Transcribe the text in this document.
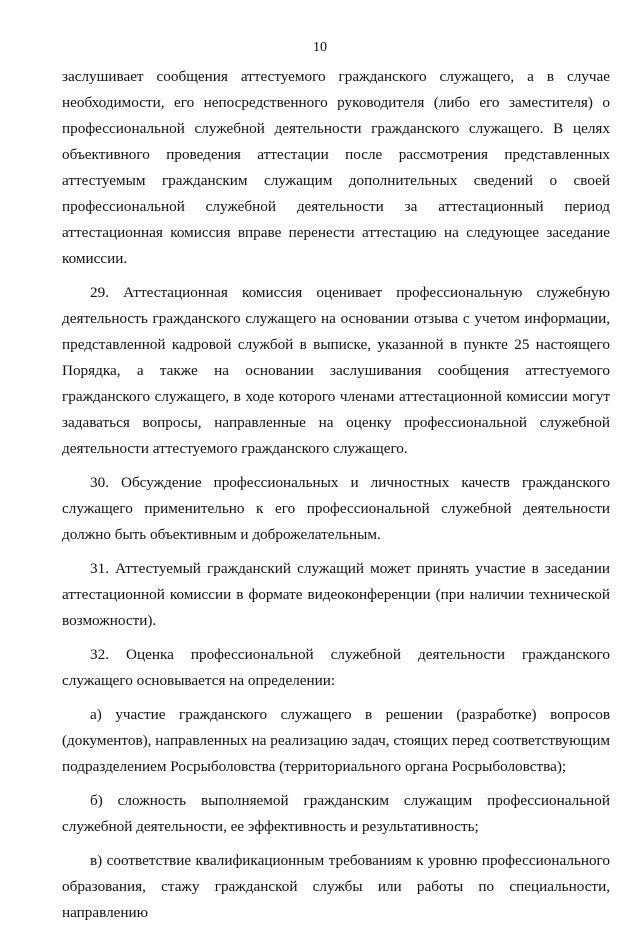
10

заслушивает сообщения аттестуемого гражданского служащего, а в случае необходимости, его непосредственного руководителя (либо его заместителя) о профессиональной служебной деятельности гражданского служащего. В целях объективного проведения аттестации после рассмотрения представленных аттестуемым гражданским служащим дополнительных сведений о своей профессиональной служебной деятельности за аттестационный период аттестационная комиссия вправе перенести аттестацию на следующее заседание комиссии.

29. Аттестационная комиссия оценивает профессиональную служебную деятельность гражданского служащего на основании отзыва с учетом информации, представленной кадровой службой в выписке, указанной в пункте 25 настоящего Порядка, а также на основании заслушивания сообщения аттестуемого гражданского служащего, в ходе которого членами аттестационной комиссии могут задаваться вопросы, направленные на оценку профессиональной служебной деятельности аттестуемого гражданского служащего.

30. Обсуждение профессиональных и личностных качеств гражданского служащего применительно к его профессиональной служебной деятельности должно быть объективным и доброжелательным.

31. Аттестуемый гражданский служащий может принять участие в заседании аттестационной комиссии в формате видеоконференции (при наличии технической возможности).

32. Оценка профессиональной служебной деятельности гражданского служащего основывается на определении:

а) участие гражданского служащего в решении (разработке) вопросов (документов), направленных на реализацию задач, стоящих перед соответствующим подразделением Росрыболовства (территориального органа Росрыболовства);

б) сложность выполняемой гражданским служащим профессиональной служебной деятельности, ее эффективность и результативность;

в) соответствие квалификационным требованиям к уровню профессионального образования, стажу гражданской службы или работы по специальности, направлению
